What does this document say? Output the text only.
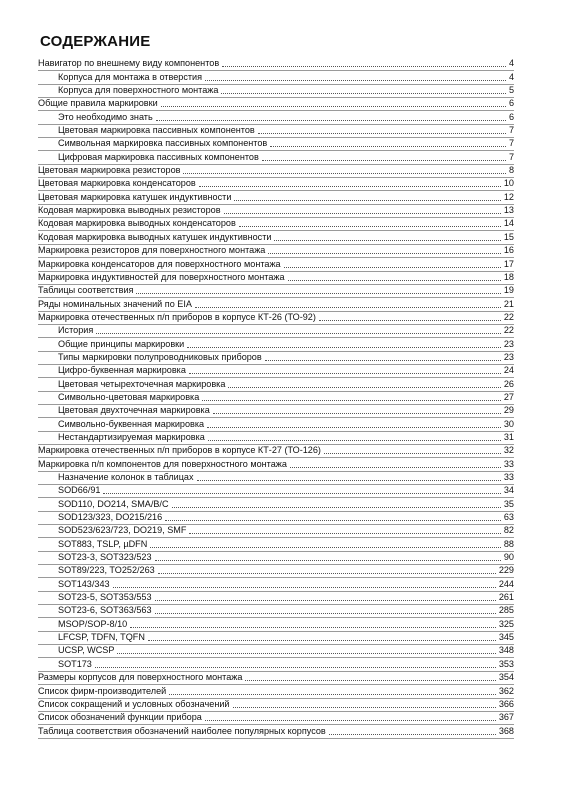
СОДЕРЖАНИЕ
Навигатор по внешнему виду компонентов	4
Корпуса для монтажа в отверстия	4
Корпуса для поверхностного монтажа	5
Общие правила маркировки	6
Это необходимо знать	6
Цветовая маркировка пассивных компонентов	7
Символьная маркировка пассивных компонентов	7
Цифровая маркировка пассивных компонентов	7
Цветовая маркировка резисторов	8
Цветовая маркировка конденсаторов	10
Цветовая маркировка катушек индуктивности	12
Кодовая маркировка выводных резисторов	13
Кодовая маркировка выводных конденсаторов	14
Кодовая маркировка выводных катушек индуктивности	15
Маркировка резисторов для поверхностного монтажа	16
Маркировка конденсаторов для поверхностного монтажа	17
Маркировка индуктивностей для поверхностного монтажа	18
Таблицы соответствия	19
Ряды номинальных значений по EIA	21
Маркировка отечественных п/п приборов в корпусе КТ-26 (ТО-92)	22
История	22
Общие принципы маркировки	23
Типы маркировки полупроводниковых приборов	23
Цифро-буквенная маркировка	24
Цветовая четырехточечная маркировка	26
Символьно-цветовая маркировка	27
Цветовая двухточечная маркировка	29
Символьно-буквенная маркировка	30
Нестандартизируемая маркировка	31
Маркировка отечественных п/п приборов в корпусе КТ-27 (ТО-126)	32
Маркировка п/п компонентов для поверхностного монтажа	33
Назначение колонок в таблицах	33
SOD66/91	34
SOD110, DO214, SMA/B/C	35
SOD123/323, DO215/216	63
SOD523/623/723, DO219, SMF	82
SOT883, TSLP, µDFN	88
SOT23-3, SOT323/523	90
SOT89/223, TO252/263	229
SOT143/343	244
SOT23-5, SOT353/553	261
SOT23-6, SOT363/563	285
MSOP/SOP-8/10	325
LFCSP, TDFN, TQFN	345
UCSP, WCSP	348
SOT173	353
Размеры корпусов для поверхностного монтажа	354
Список фирм-производителей	362
Список сокращений и условных обозначений	366
Список обозначений функции прибора	367
Таблица соответствия обозначений наиболее популярных корпусов	368
